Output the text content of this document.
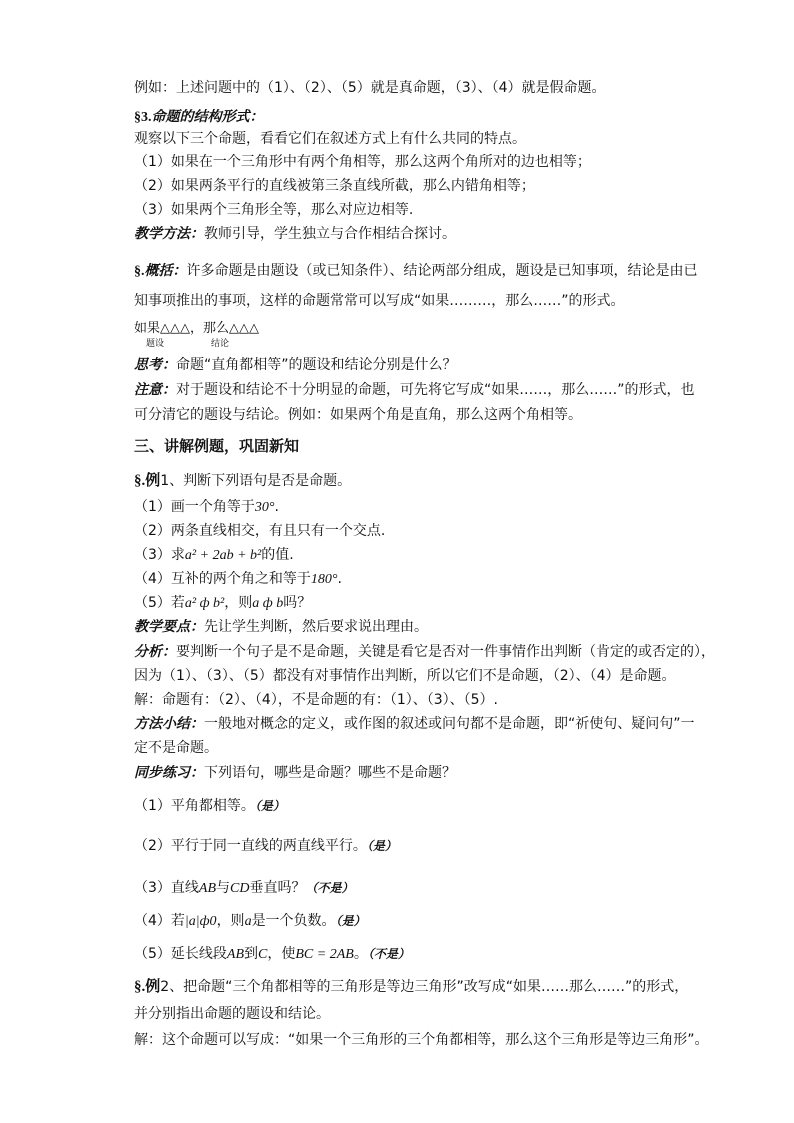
例如：上述问题中的（1）、（2）、（5）就是真命题，（3）、（4）就是假命题。
§3.命题的结构形式：
观察以下三个命题，看看它们在叙述方式上有什么共同的特点。
（1）如果在一个三角形中有两个角相等，那么这两个角所对的边也相等；
（2）如果两条平行的直线被第三条直线所截，那么内错角相等；
（3）如果两个三角形全等，那么对应边相等.
教学方法：教师引导，学生独立与合作相结合探讨。
§.概括：许多命题是由题设（或已知条件）、结论两部分组成，题设是已知事项，结论是由已
知事项推出的事项，这样的命题常常可以写成“如果………，那么……”的形式。
如果△△△，那么△△△
题设	结论
思考：命题“直角都相等”的题设和结论分别是什么？
注意：对于题设和结论不十分明显的命题，可先将它写成“如果……，那么……”的形式，也
可分清它的题设与结论。例如：如果两个角是直角，那么这两个角相等。
三、讲解例题，巩固新知
§.例1、判断下列语句是否是命题。
（1）画一个角等于30°.
（2）两条直线相交，有且只有一个交点.
（3）求a² + 2ab + b²的值.
（4）互补的两个角之和等于180°.
（5）若a² ф b²，则a ф b吗？
教学要点：先让学生判断，然后要求说出理由。
分析：要判断一个句子是不是命题，关键是看它是否对一件事情作出判断（肯定的或否定的），
因为（1）、（3）、（5）都没有对事情作出判断，所以它们不是命题，（2）、（4）是命题。
解：命题有：（2）、（4），不是命题的有：（1）、（3）、（5）.
方法小结：一般地对概念的定义，或作图的叙述或问句都不是命题，即“祈使句、疑问句”一
定不是命题。
同步练习：下列语句，哪些是命题？哪些不是命题？
（1）平角都相等。（是）
（2）平行于同一直线的两直线平行。（是）
（3）直线AB与CD垂直吗？（不是）
（4）若|a|ф0，则a是一个负数。（是）
（5）延长线段AB到C，使BC = 2AB。（不是）
§.例2、把命题“三个角都相等的三角形是等边三角形”改写成“如果……那么……”的形式，
并分别指出命题的题设和结论。
解：这个命题可以写成：“如果一个三角形的三个角都相等，那么这个三角形是等边三角形”。
